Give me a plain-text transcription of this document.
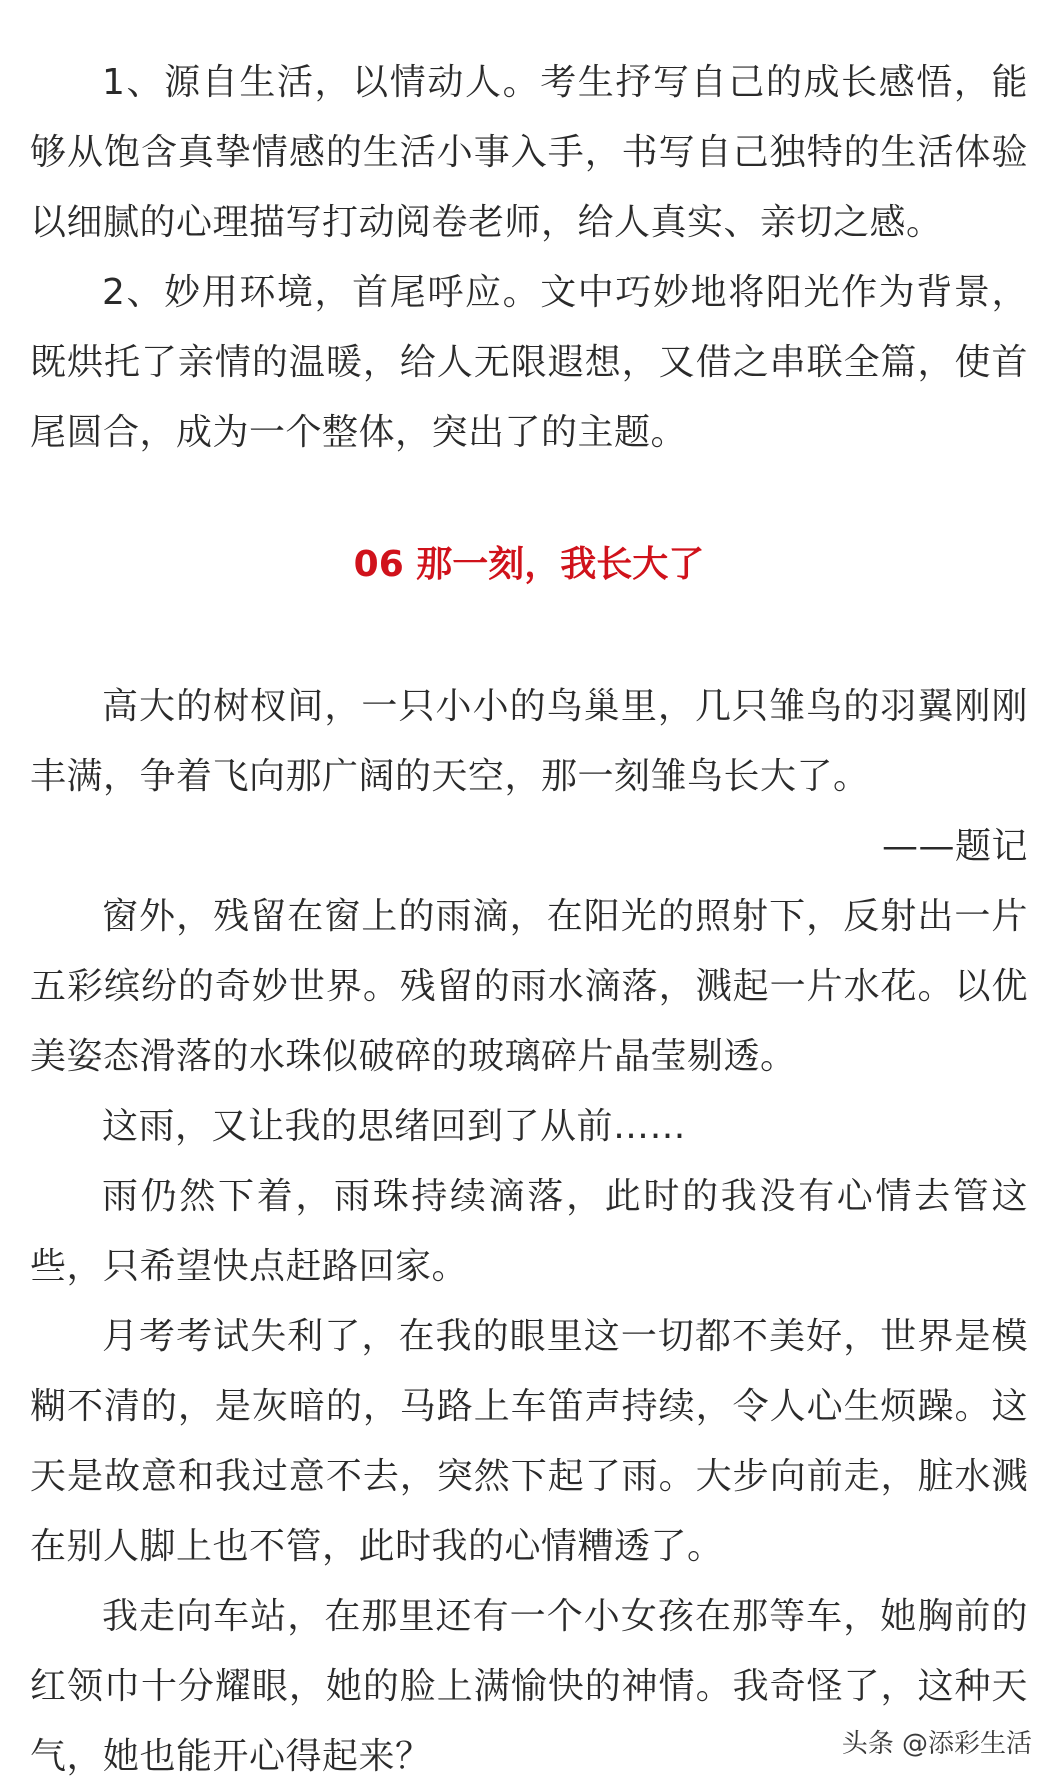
1、源自生活，以情动人。考生抒写自己的成长感悟，能够从饱含真挚情感的生活小事入手，书写自己独特的生活体验以细腻的心理描写打动阅卷老师，给人真实、亲切之感。

2、妙用环境，首尾呼应。文中巧妙地将阳光作为背景，既烘托了亲情的温暖，给人无限遐想，又借之串联全篇，使首尾圆合，成为一个整体，突出了的主题。

06 那一刻，我长大了

高大的树杈间，一只小小的鸟巢里，几只雏鸟的羽翼刚刚丰满，争着飞向那广阔的天空，那一刻雏鸟长大了。

——题记

窗外，残留在窗上的雨滴，在阳光的照射下，反射出一片五彩缤纷的奇妙世界。残留的雨水滴落，溅起一片水花。以优美姿态滑落的水珠似破碎的玻璃碎片晶莹剔透。

这雨，又让我的思绪回到了从前……

雨仍然下着，雨珠持续滴落，此时的我没有心情去管这些，只希望快点赶路回家。

月考考试失利了，在我的眼里这一切都不美好，世界是模糊不清的，是灰暗的，马路上车笛声持续，令人心生烦躁。这天是故意和我过意不去，突然下起了雨。大步向前走，脏水溅在别人脚上也不管，此时我的心情糟透了。

我走向车站，在那里还有一个小女孩在那等车，她胸前的红领巾十分耀眼，她的脸上满愉快的神情。我奇怪了，这种天气，她也能开心得起来？	头条 @添彩生活
